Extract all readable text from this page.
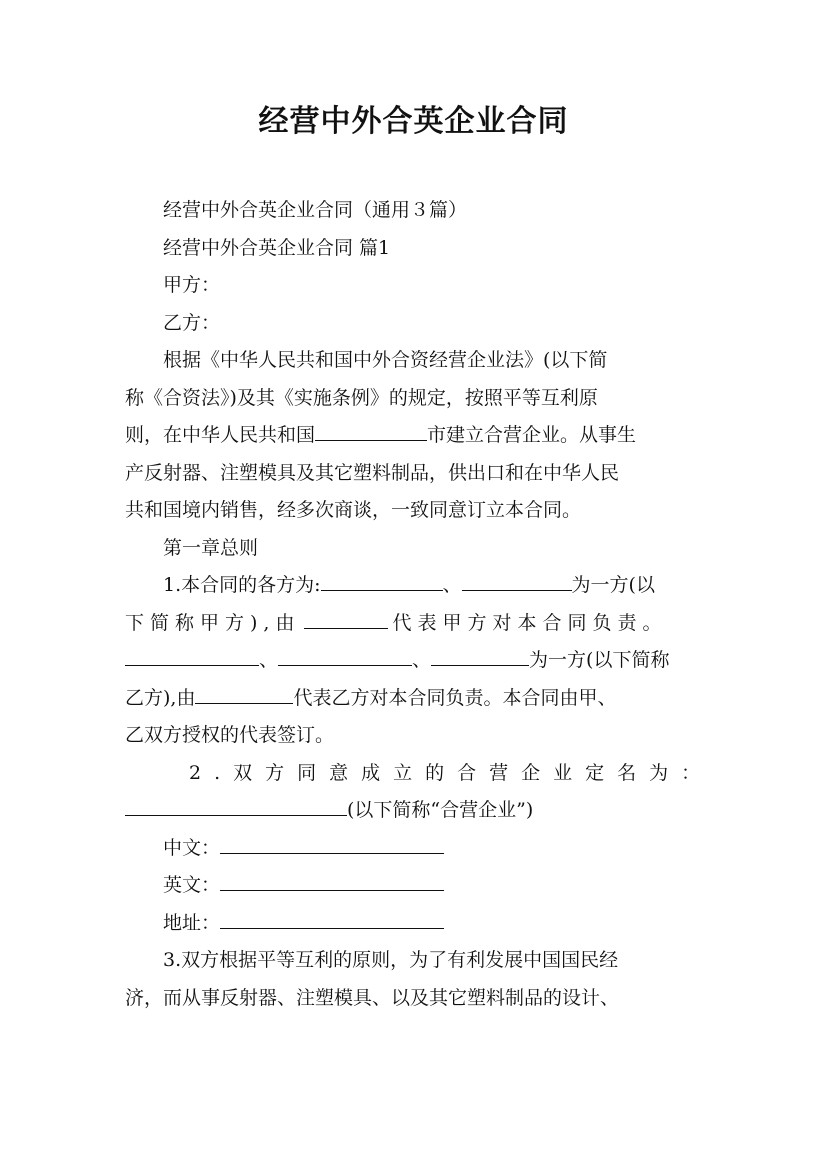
经营中外合英企业合同

经营中外合英企业合同（通用３篇）

经营中外合英企业合同 篇1

甲方：

乙方：

根据《中华人民共和国中外合资经营企业法》(以下简

称《合资法》)及其《实施条例》的规定，按照平等互利原

则，在中华人民共和国	市建立合营企业。从事生

产反射器、注塑模具及其它塑料制品，供出口和在中华人民

共和国境内销售，经多次商谈，一致同意订立本合同。

第一章总则

1.本合同的各方为:	、	为一方(以

下简称甲方),由	代表甲方对本合同负责。

、	、	为一方(以下简称

乙方),由	代表乙方对本合同负责。本合同由甲、

乙双方授权的代表签订。

2.双方同意成立的合营企业定名为：

(以下简称“合营企业”)

中文：

英文：

地址：

3.双方根据平等互利的原则，为了有利发展中国国民经

济，而从事反射器、注塑模具、以及其它塑料制品的设计、
